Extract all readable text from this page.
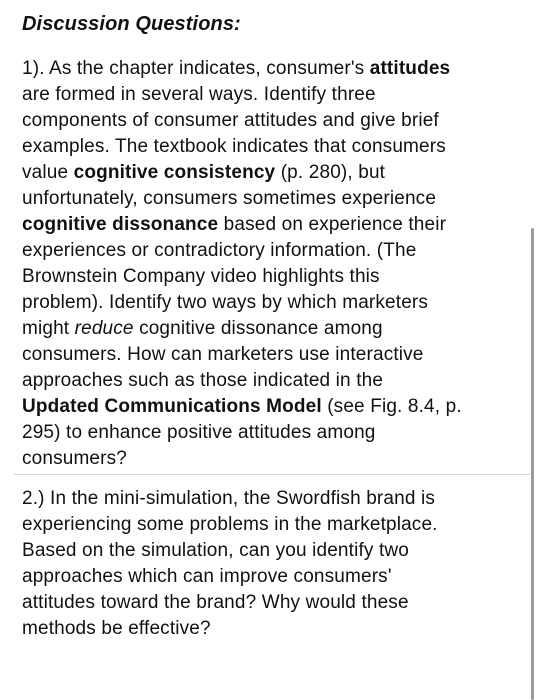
Discussion Questions:
1). As the chapter indicates, consumer's attitudes
are formed in several ways. Identify three
components of consumer attitudes and give brief
examples. The textbook indicates that consumers
value cognitive consistency (p. 280), but
unfortunately, consumers sometimes experience
cognitive dissonance based on experience their
experiences or contradictory information. (The
Brownstein Company video highlights this
problem). Identify two ways by which marketers
might reduce cognitive dissonance among
consumers. How can marketers use interactive
approaches such as those indicated in the
Updated Communications Model (see Fig. 8.4, p.
295) to enhance positive attitudes among
consumers?
2.) In the mini-simulation, the Swordfish brand is
experiencing some problems in the marketplace.
Based on the simulation, can you identify two
approaches which can improve consumers'
attitudes toward the brand? Why would these
methods be effective?
